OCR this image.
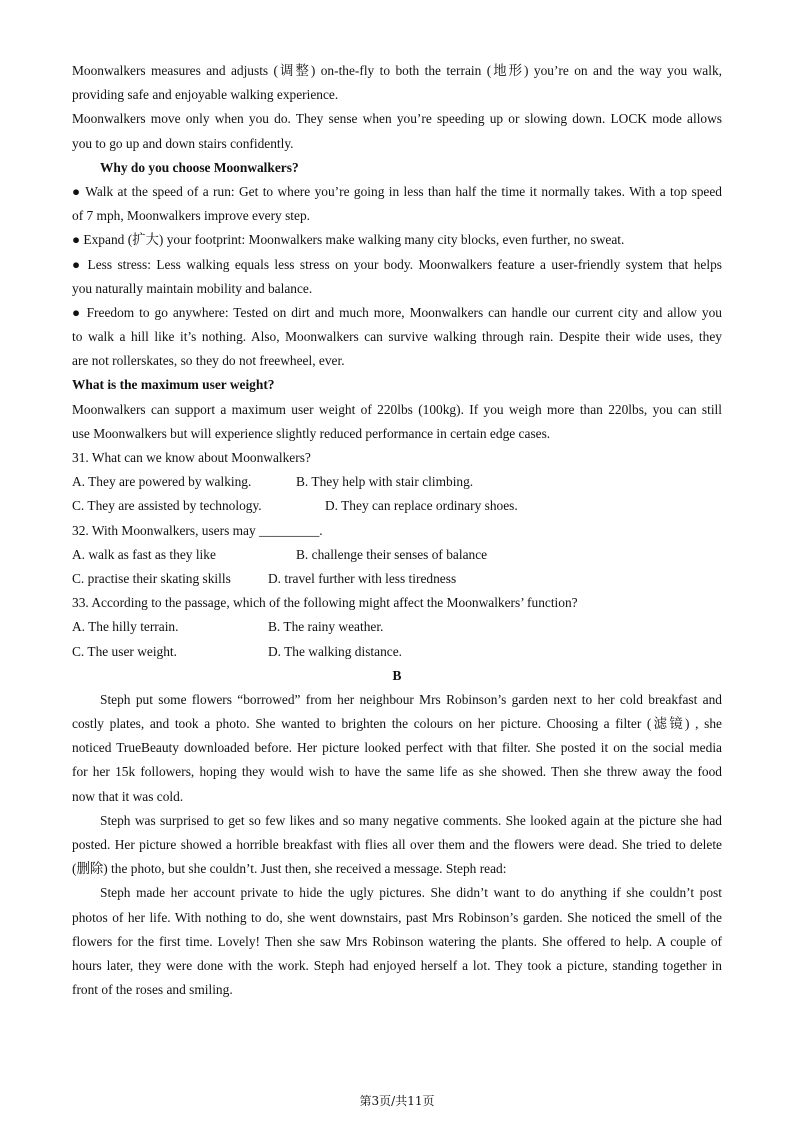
Moonwalkers measures and adjusts (调整) on-the-fly to both the terrain (地形) you’re on and the way you walk,
providing safe and enjoyable walking experience.
Moonwalkers move only when you do. They sense when you’re speeding up or slowing down. LOCK mode allows
you to go up and down stairs confidently.
Why do you choose Moonwalkers?
● Walk at the speed of a run: Get to where you’re going in less than half the time it normally takes. With a top speed
of 7 mph, Moonwalkers improve every step.
● Expand (扩大) your footprint: Moonwalkers make walking many city blocks, even further, no sweat.
● Less stress: Less walking equals less stress on your body. Moonwalkers feature a user-friendly system that helps
you naturally maintain mobility and balance.
● Freedom to go anywhere: Tested on dirt and much more, Moonwalkers can handle our current city and allow you
to walk a hill like it’s nothing. Also, Moonwalkers can survive walking through rain. Despite their wide uses, they
are not rollerskates, so they do not freewheel, ever.
What is the maximum user weight?
Moonwalkers can support a maximum user weight of 220lbs (100kg). If you weigh more than 220lbs, you can still
use Moonwalkers but will experience slightly reduced performance in certain edge cases.
31. What can we know about Moonwalkers?
A. They are powered by walking.	B. They help with stair climbing.
C. They are assisted by technology.	D. They can replace ordinary shoes.
32. With Moonwalkers, users may _________.
A. walk as fast as they like	B. challenge their senses of balance
C. practise their skating skills	D. travel further with less tiredness
33. According to the passage, which of the following might affect the Moonwalkers’ function?
A. The hilly terrain.	B. The rainy weather.
C. The user weight.	D. The walking distance.
B
Steph put some flowers “borrowed” from her neighbour Mrs Robinson’s garden next to her cold breakfast and
costly plates, and took a photo. She wanted to brighten the colours on her picture. Choosing a filter (滤镜) , she
noticed TrueBeauty downloaded before. Her picture looked perfect with that filter. She posted it on the social media
for her 15k followers, hoping they would wish to have the same life as she showed. Then she threw away the food
now that it was cold.
Steph was surprised to get so few likes and so many negative comments. She looked again at the picture she had
posted. Her picture showed a horrible breakfast with flies all over them and the flowers were dead. She tried to delete
(删除) the photo, but she couldn’t. Just then, she received a message. Steph read:
Steph made her account private to hide the ugly pictures. She didn’t want to do anything if she couldn’t post
photos of her life. With nothing to do, she went downstairs, past Mrs Robinson’s garden. She noticed the smell of the
flowers for the first time. Lovely! Then she saw Mrs Robinson watering the plants. She offered to help. A couple of
hours later, they were done with the work. Steph had enjoyed herself a lot. They took a picture, standing together in
front of the roses and smiling.
第3页/共11页
